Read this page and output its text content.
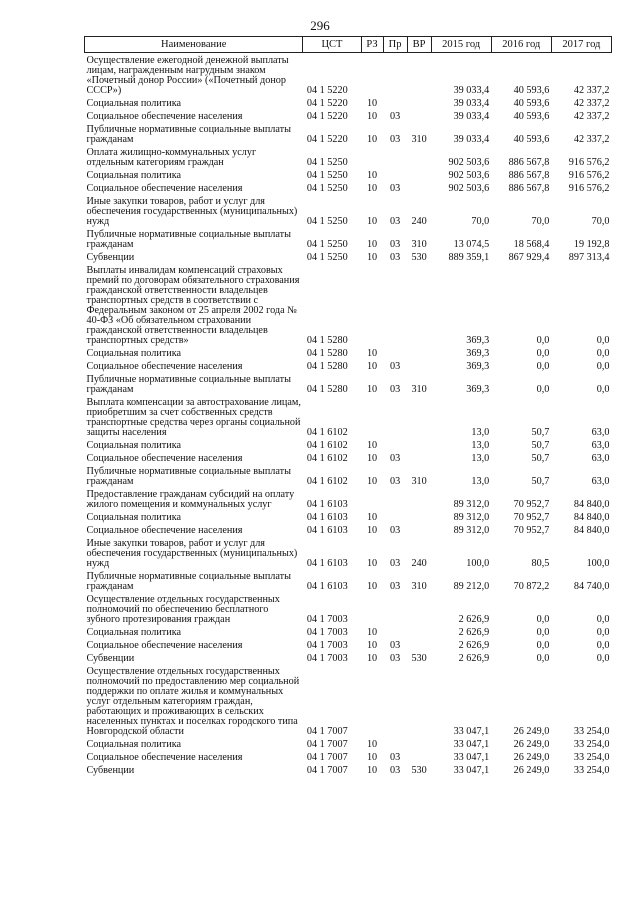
296
Наименование	ЦСТ	РЗ	Пр	ВР	2015 год	2016 год	2017 год
Осуществление ежегодной денежной выплаты лицам, награжденным нагрудным знаком «Почетный донор России» («Почетный донор СССР»)	04 1 5220				39 033,4	40 593,6	42 337,2
Социальная политика	04 1 5220	10			39 033,4	40 593,6	42 337,2
Социальное обеспечение населения	04 1 5220	10	03		39 033,4	40 593,6	42 337,2
Публичные нормативные социальные выплаты гражданам	04 1 5220	10	03	310	39 033,4	40 593,6	42 337,2
Оплата жилищно-коммунальных услуг отдельным категориям граждан	04 1 5250				902 503,6	886 567,8	916 576,2
Социальная политика	04 1 5250	10			902 503,6	886 567,8	916 576,2
Социальное обеспечение населения	04 1 5250	10	03		902 503,6	886 567,8	916 576,2
Иные закупки товаров, работ и услуг для обеспечения государственных (муниципальных) нужд	04 1 5250	10	03	240	70,0	70,0	70,0
Публичные нормативные социальные выплаты гражданам	04 1 5250	10	03	310	13 074,5	18 568,4	19 192,8
Субвенции	04 1 5250	10	03	530	889 359,1	867 929,4	897 313,4
Выплаты инвалидам компенсаций страховых премий по договорам обязательного страхования гражданской ответственности владельцев транспортных средств в соответствии с Федеральным законом от 25 апреля 2002 года № 40-ФЗ «Об обязательном страховании гражданской ответственности владельцев транспортных средств»	04 1 5280				369,3	0,0	0,0
Социальная политика	04 1 5280	10			369,3	0,0	0,0
Социальное обеспечение населения	04 1 5280	10	03		369,3	0,0	0,0
Публичные нормативные социальные выплаты гражданам	04 1 5280	10	03	310	369,3	0,0	0,0
Выплата компенсации за автострахование лицам, приобретшим за счет собственных средств транспортные средства через органы социальной защиты населения	04 1 6102				13,0	50,7	63,0
Социальная политика	04 1 6102	10			13,0	50,7	63,0
Социальное обеспечение населения	04 1 6102	10	03		13,0	50,7	63,0
Публичные нормативные социальные выплаты гражданам	04 1 6102	10	03	310	13,0	50,7	63,0
Предоставление гражданам субсидий на оплату жилого помещения и коммунальных услуг	04 1 6103				89 312,0	70 952,7	84 840,0
Социальная политика	04 1 6103	10			89 312,0	70 952,7	84 840,0
Социальное обеспечение населения	04 1 6103	10	03		89 312,0	70 952,7	84 840,0
Иные закупки товаров, работ и услуг для обеспечения государственных (муниципальных) нужд	04 1 6103	10	03	240	100,0	80,5	100,0
Публичные нормативные социальные выплаты гражданам	04 1 6103	10	03	310	89 212,0	70 872,2	84 740,0
Осуществление отдельных государственных полномочий по обеспечению бесплатного зубного протезирования граждан	04 1 7003				2 626,9	0,0	0,0
Социальная политика	04 1 7003	10			2 626,9	0,0	0,0
Социальное обеспечение населения	04 1 7003	10	03		2 626,9	0,0	0,0
Субвенции	04 1 7003	10	03	530	2 626,9	0,0	0,0
Осуществление отдельных государственных полномочий по предоставлению мер социальной поддержки по оплате жилья и коммунальных услуг отдельным категориям граждан, работающих и проживающих в сельских населенных пунктах и поселках городского типа Новгородской области	04 1 7007				33 047,1	26 249,0	33 254,0
Социальная политика	04 1 7007	10			33 047,1	26 249,0	33 254,0
Социальное обеспечение населения	04 1 7007	10	03		33 047,1	26 249,0	33 254,0
Субвенции	04 1 7007	10	03	530	33 047,1	26 249,0	33 254,0
